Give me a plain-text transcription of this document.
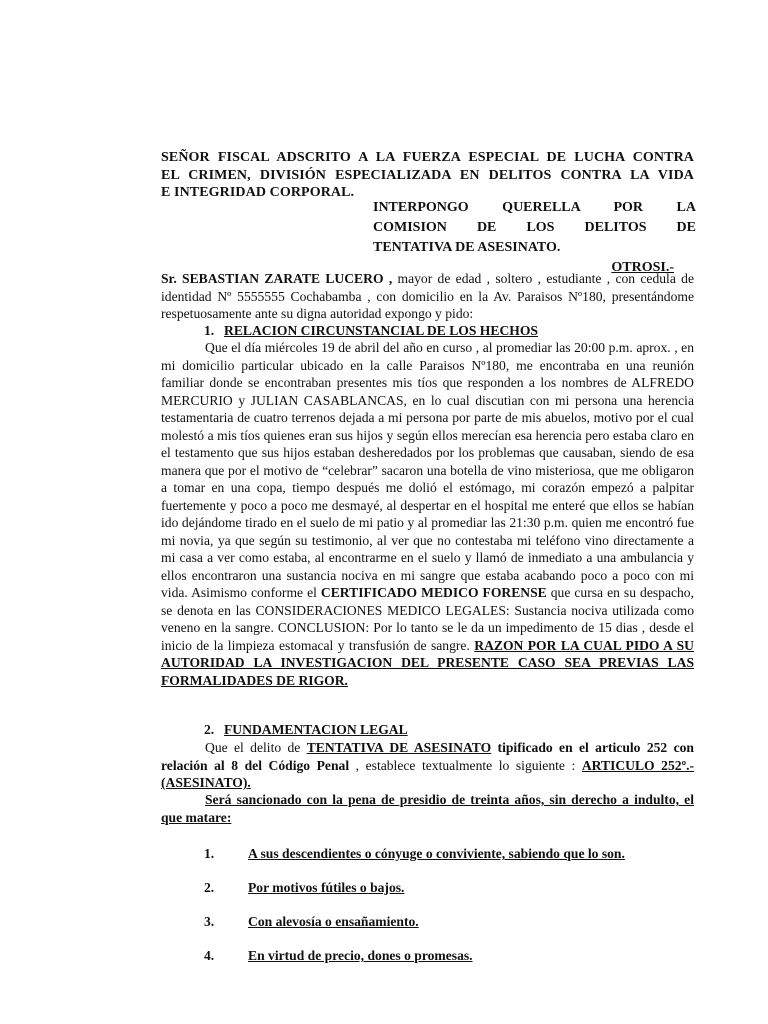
SEÑOR FISCAL ADSCRITO A LA FUERZA ESPECIAL DE LUCHA CONTRA
EL CRIMEN, DIVISIÓN ESPECIALIZADA EN DELITOS CONTRA LA VIDA
E INTEGRIDAD CORPORAL.
INTERPONGO QUERELLA POR LA
COMISION DE LOS DELITOS DE
TENTATIVA DE ASESINATO.
OTROSI.-

Sr. SEBASTIAN ZARATE LUCERO , mayor de edad , soltero , estudiante , con cedula de identidad Nº 5555555 Cochabamba , con domicilio en la Av. Paraisos Nº180, presentándome respetuosamente ante su digna autoridad expongo y pido:

1. RELACION CIRCUNSTANCIAL DE LOS HECHOS

Que el día miércoles 19 de abril del año en curso , al promediar las 20:00 p.m. aprox. , en mi domicilio particular ubicado en la calle Paraisos Nº180, me encontraba en una reunión familiar donde se encontraban presentes mis tíos que responden a los nombres de ALFREDO MERCURIO y JULIAN CASABLANCAS, en lo cual discutian con mi persona una herencia testamentaria de cuatro terrenos dejada a mi persona por parte de mis abuelos, motivo por el cual molestó a mis tíos quienes eran sus hijos y según ellos merecían esa herencia pero estaba claro en el testamento que sus hijos estaban desheredados por los problemas que causaban, siendo de esa manera que por el motivo de “celebrar” sacaron una botella de vino misteriosa, que me obligaron a tomar en una copa, tiempo después me dolió el estómago, mi corazón empezó a palpitar fuertemente y poco a poco me desmayé, al despertar en el hospital me enteré que ellos se habían ido dejándome tirado en el suelo de mi patio y al promediar las 21:30 p.m. quien me encontró fue mi novia, ya que según su testimonio, al ver que no contestaba mi teléfono vino directamente a mi casa a ver como estaba, al encontrarme en el suelo y llamó de inmediato a una ambulancia y ellos encontraron una sustancia nociva en mi sangre que estaba acabando poco a poco con mi vida. Asimismo conforme el CERTIFICADO MEDICO FORENSE que cursa en su despacho, se denota en las CONSIDERACIONES MEDICO LEGALES: Sustancia nociva utilizada como veneno en la sangre. CONCLUSION: Por lo tanto se le da un impedimento de 15 dias , desde el inicio de la limpieza estomacal y transfusión de sangre. RAZON POR LA CUAL PIDO A SU AUTORIDAD LA INVESTIGACION DEL PRESENTE CASO SEA PREVIAS LAS FORMALIDADES DE RIGOR.

2. FUNDAMENTACION LEGAL

Que el delito de TENTATIVA DE ASESINATO tipificado en el articulo 252 con relación al 8 del Código Penal , establece textualmente lo siguiente : ARTICULO 252º.- (ASESINATO).

Será sancionado con la pena de presidio de treinta años, sin derecho a indulto, el que matare:

1. A sus descendientes o cónyuge o conviviente, sabiendo que lo son.

2. Por motivos fútiles o bajos.

3. Con alevosía o ensañamiento.

4. En virtud de precio, dones o promesas.
